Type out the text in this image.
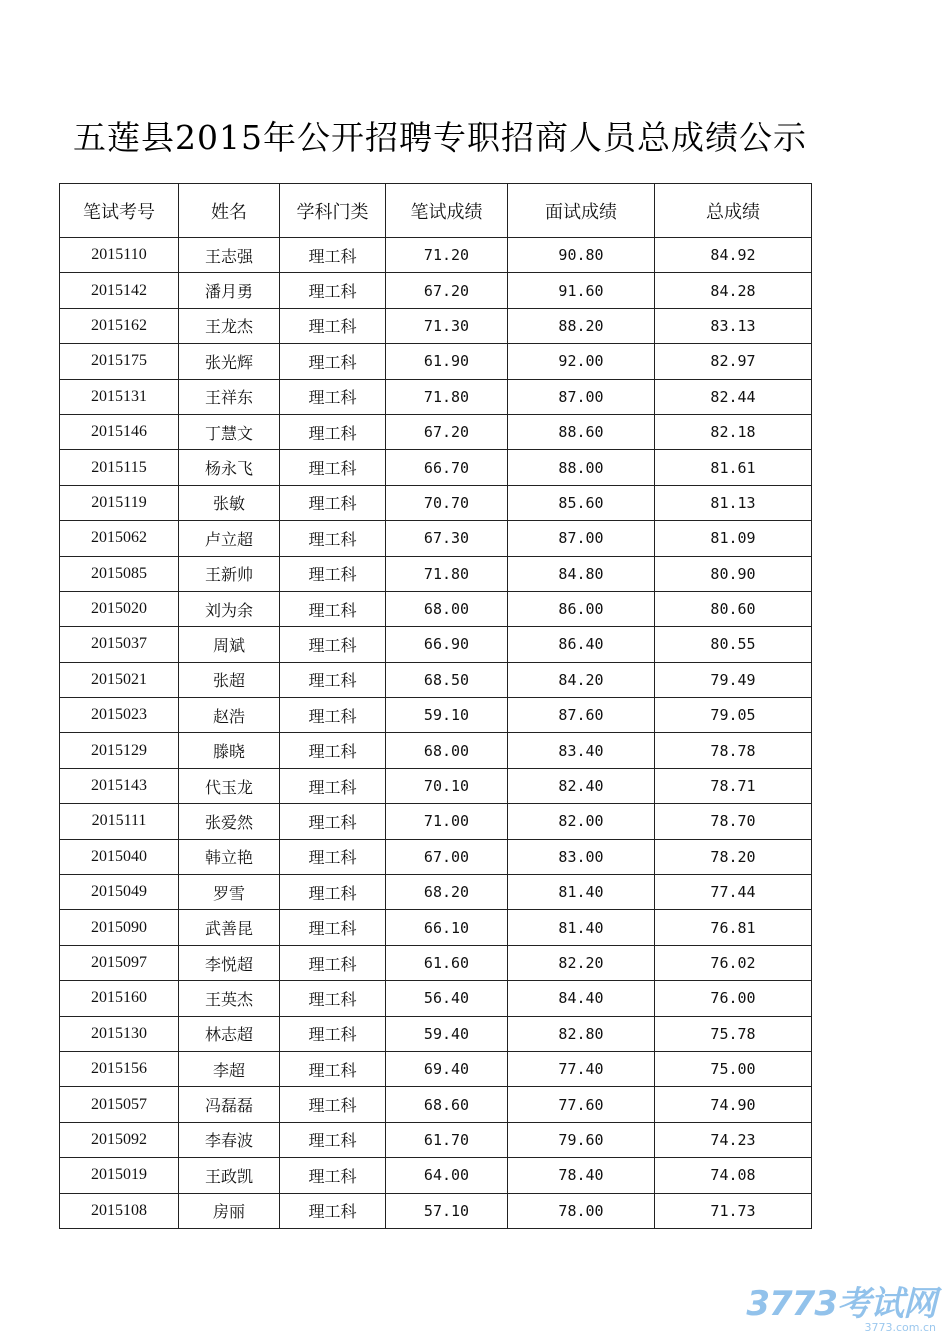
五莲县2015年公开招聘专职招商人员总成绩公示
笔试考号	姓名	学科门类	笔试成绩	面试成绩	总成绩
2015110	王志强	理工科	71.20	90.80	84.92
2015142	潘月勇	理工科	67.20	91.60	84.28
2015162	王龙杰	理工科	71.30	88.20	83.13
2015175	张光辉	理工科	61.90	92.00	82.97
2015131	王祥东	理工科	71.80	87.00	82.44
2015146	丁慧文	理工科	67.20	88.60	82.18
2015115	杨永飞	理工科	66.70	88.00	81.61
2015119	张敏	理工科	70.70	85.60	81.13
2015062	卢立超	理工科	67.30	87.00	81.09
2015085	王新帅	理工科	71.80	84.80	80.90
2015020	刘为余	理工科	68.00	86.00	80.60
2015037	周斌	理工科	66.90	86.40	80.55
2015021	张超	理工科	68.50	84.20	79.49
2015023	赵浩	理工科	59.10	87.60	79.05
2015129	滕晓	理工科	68.00	83.40	78.78
2015143	代玉龙	理工科	70.10	82.40	78.71
2015111	张爱然	理工科	71.00	82.00	78.70
2015040	韩立艳	理工科	67.00	83.00	78.20
2015049	罗雪	理工科	68.20	81.40	77.44
2015090	武善昆	理工科	66.10	81.40	76.81
2015097	李悦超	理工科	61.60	82.20	76.02
2015160	王英杰	理工科	56.40	84.40	76.00
2015130	林志超	理工科	59.40	82.80	75.78
2015156	李超	理工科	69.40	77.40	75.00
2015057	冯磊磊	理工科	68.60	77.60	74.90
2015092	李春波	理工科	61.70	79.60	74.23
2015019	王政凯	理工科	64.00	78.40	74.08
2015108	房丽	理工科	57.10	78.00	71.73
3773考试网
3773.com.cn
